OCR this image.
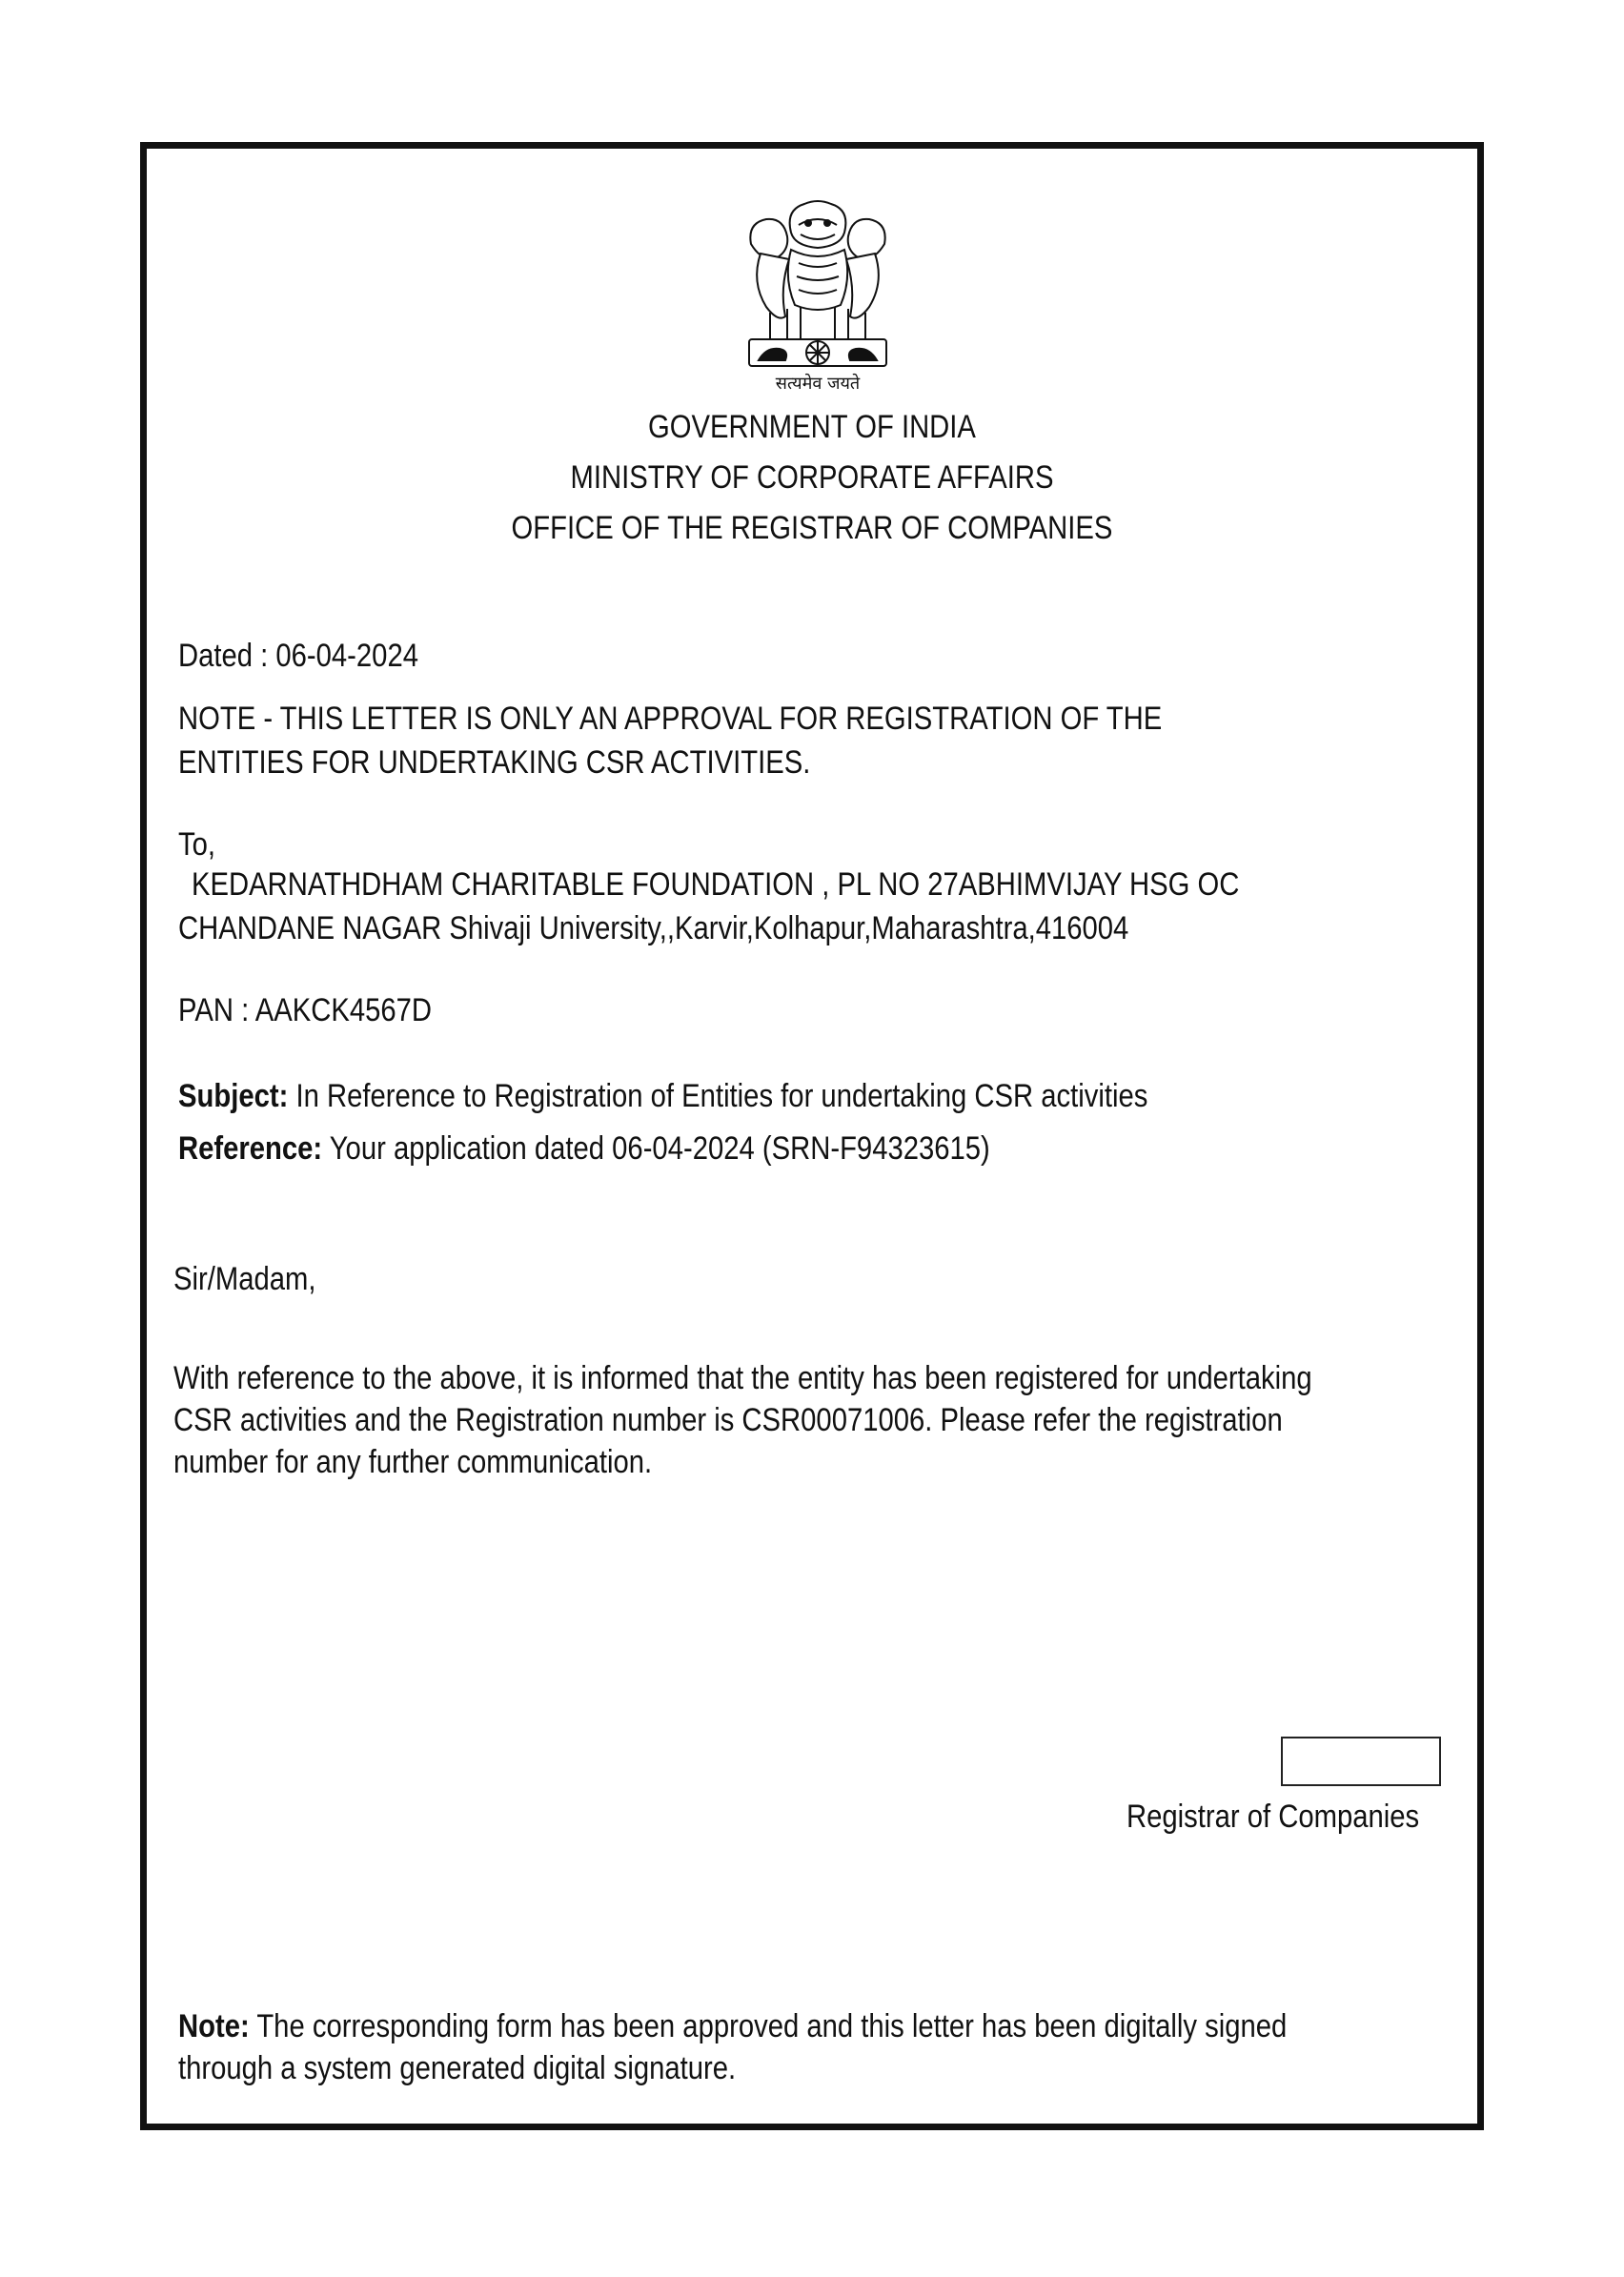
सत्यमेव जयते
GOVERNMENT OF INDIA
MINISTRY OF CORPORATE AFFAIRS
OFFICE OF THE REGISTRAR OF COMPANIES
Dated : 06-04-2024
NOTE - THIS LETTER IS ONLY AN APPROVAL FOR REGISTRATION OF THE
ENTITIES FOR UNDERTAKING CSR ACTIVITIES.
To,
KEDARNATHDHAM CHARITABLE FOUNDATION , PL NO 27ABHIMVIJAY HSG OC
CHANDANE NAGAR Shivaji University,,Karvir,Kolhapur,Maharashtra,416004
PAN : AAKCK4567D
Subject: In Reference to Registration of Entities for undertaking CSR activities
Reference: Your application dated 06-04-2024 (SRN-F94323615)
Sir/Madam,
With reference to the above, it is informed that the entity has been registered for undertaking
CSR activities and the Registration number is CSR00071006. Please refer the registration
number for any further communication.
Registrar of Companies
Note: The corresponding form has been approved and this letter has been digitally signed
through a system generated digital signature.
